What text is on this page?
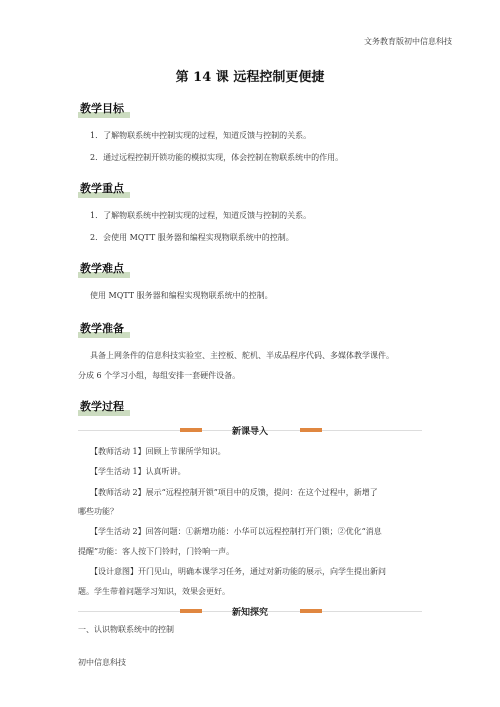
文务教育版初中信息科技
第 14 课 远程控制更便捷
教学目标
1．了解物联系统中控制实现的过程，知道反馈与控制的关系。
2．通过远程控制开锁功能的模拟实现，体会控制在物联系统中的作用。
教学重点
1．了解物联系统中控制实现的过程，知道反馈与控制的关系。
2．会使用 MQTT 服务器和编程实现物联系统中的控制。
教学难点
使用 MQTT 服务器和编程实现物联系统中的控制。
教学准备
具备上网条件的信息科技实验室、主控板、舵机、半成品程序代码、多媒体教学课件。
分成 6 个学习小组，每组安排一套硬件设备。
教学过程
新课导入
【教师活动 1】回顾上节课所学知识。
【学生活动 1】认真听讲。
【教师活动 2】展示“远程控制开锁”项目中的反馈，提问：在这个过程中，新增了
哪些功能？
【学生活动 2】回答问题：①新增功能：小华可以远程控制打开门锁；②优化“消息
提醒”功能：客人按下门铃时，门铃响一声。
【设计意图】开门见山，明确本课学习任务，通过对新功能的展示，向学生提出新问
题。学生带着问题学习知识，效果会更好。
新知探究
一、认识物联系统中的控制
初中信息科技
